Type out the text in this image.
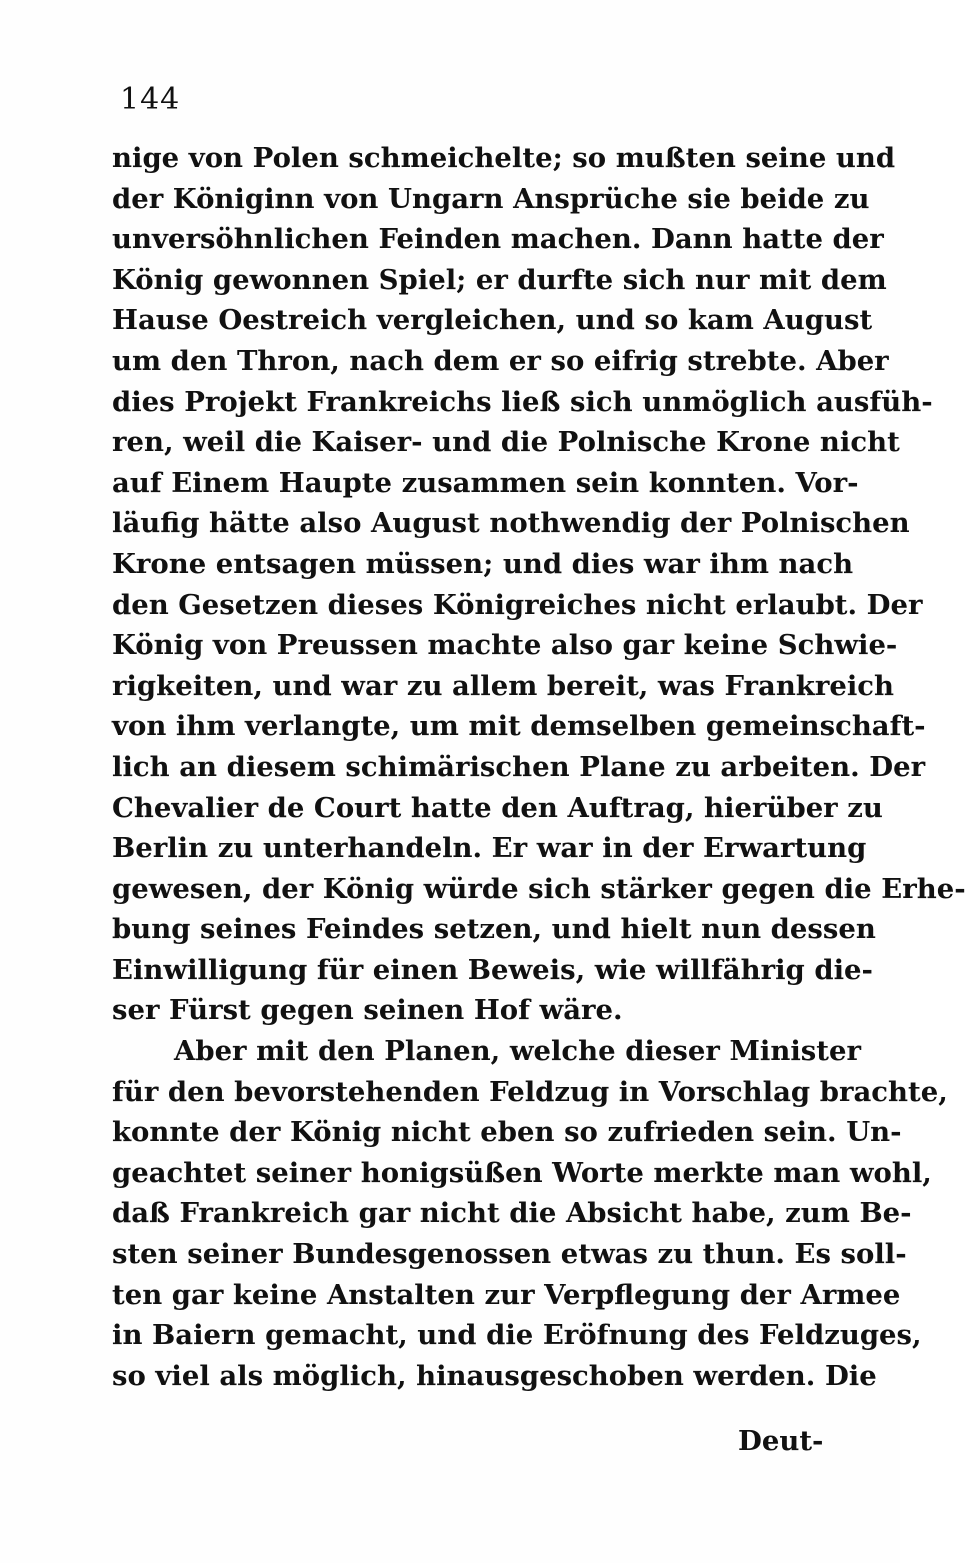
144
nige von Polen schmeichelte; so mußten seine und
der Königinn von Ungarn Ansprüche sie beide zu
unversöhnlichen Feinden machen. Dann hatte der
König gewonnen Spiel; er durfte sich nur mit dem
Hause Oestreich vergleichen, und so kam August
um den Thron, nach dem er so eifrig strebte. Aber
dies Projekt Frankreichs ließ sich unmöglich ausfüh-
ren, weil die Kaiser- und die Polnische Krone nicht
auf Einem Haupte zusammen sein konnten. Vor-
läufig hätte also August nothwendig der Polnischen
Krone entsagen müssen; und dies war ihm nach
den Gesetzen dieses Königreiches nicht erlaubt. Der
König von Preussen machte also gar keine Schwie-
rigkeiten, und war zu allem bereit, was Frankreich
von ihm verlangte, um mit demselben gemeinschaft-
lich an diesem schimärischen Plane zu arbeiten. Der
Chevalier de Court hatte den Auftrag, hierüber zu
Berlin zu unterhandeln. Er war in der Erwartung
gewesen, der König würde sich stärker gegen die Erhe-
bung seines Feindes setzen, und hielt nun dessen
Einwilligung für einen Beweis, wie willfährig die-
ser Fürst gegen seinen Hof wäre.
Aber mit den Planen, welche dieser Minister
für den bevorstehenden Feldzug in Vorschlag brachte,
konnte der König nicht eben so zufrieden sein. Un-
geachtet seiner honigsüßen Worte merkte man wohl,
daß Frankreich gar nicht die Absicht habe, zum Be-
sten seiner Bundesgenossen etwas zu thun. Es soll-
ten gar keine Anstalten zur Verpflegung der Armee
in Baiern gemacht, und die Eröfnung des Feldzuges,
so viel als möglich, hinausgeschoben werden. Die
Deut-
